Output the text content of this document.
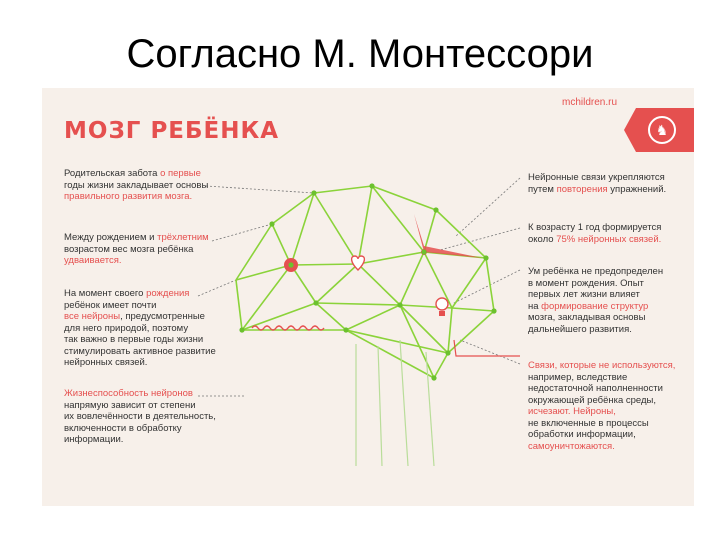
Согласно М. Монтессори
МОЗГ РЕБЁНКА
mchildren.ru
♞
Родительская забота о первые
годы жизни закладывает основы
правильного развития мозга.
Между рождением и трёхлетним
возрастом вес мозга ребёнка
удваивается.
На момент своего рождения
ребёнок имеет почти
все нейроны, предусмотренные
для него природой, поэтому
так важно в первые годы жизни
стимулировать активное развитие
нейронных связей.
Жизнеспособность нейронов
напрямую зависит от степени
их вовлечённости в деятельность,
включенности в обработку
информации.
Нейронные связи укрепляются
путем повторения упражнений.
К возрасту 1 год формируется
около 75% нейронных связей.
Ум ребёнка не предопределен
в момент рождения. Опыт
первых лет жизни влияет
на формирование структур
мозга, закладывая основы
дальнейшего развития.
Связи, которые не используются,
например, вследствие
недостаточной наполненности
окружающей ребёнка среды,
исчезают. Нейроны,
не включенные в процессы
обработки информации,
самоуничтожаются.
